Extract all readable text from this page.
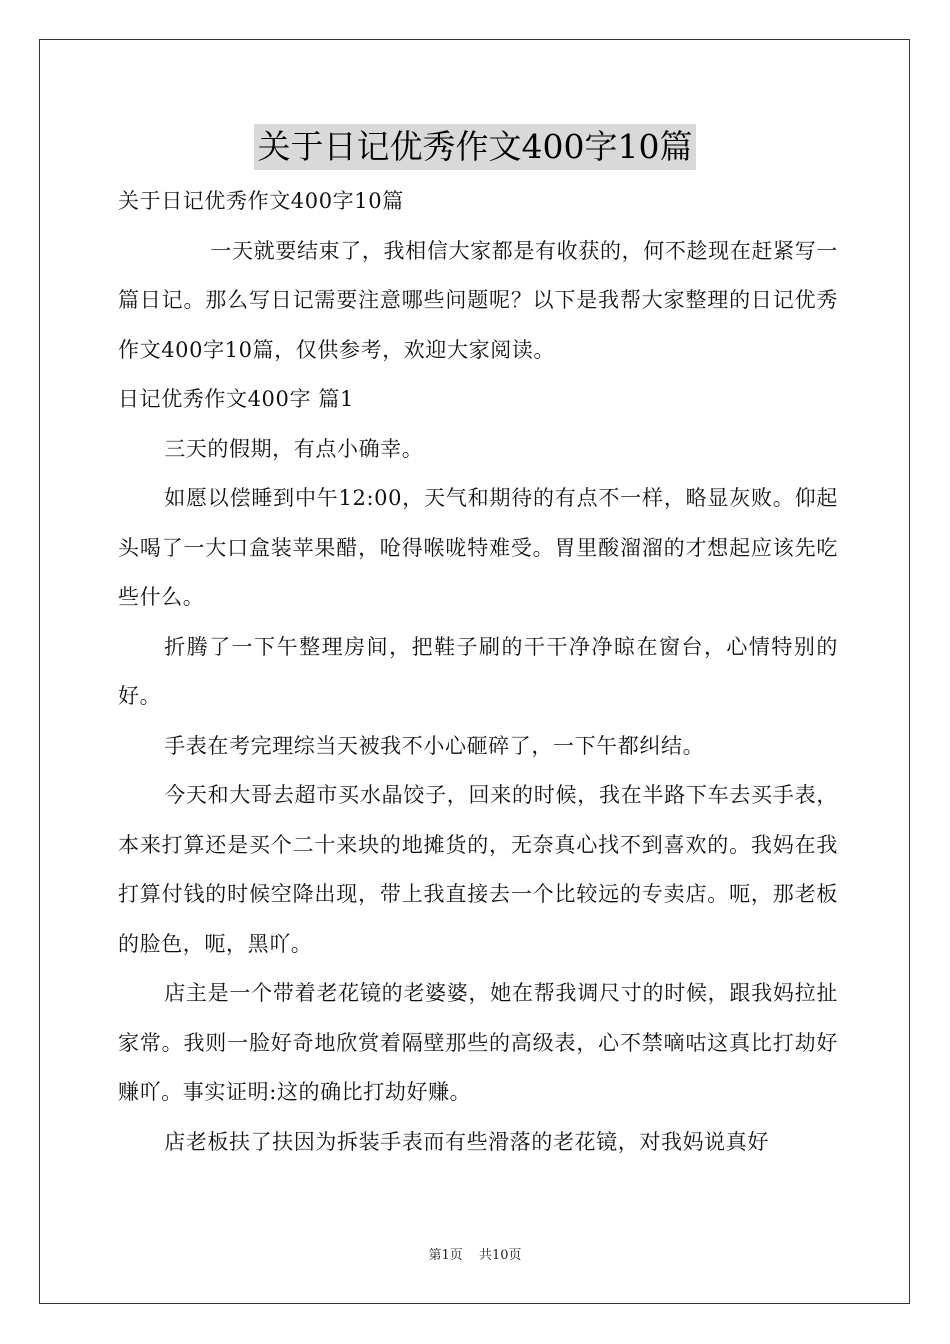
关于日记优秀作文400字10篇

关于日记优秀作文400字10篇

一天就要结束了，我相信大家都是有收获的，何不趁现在赶紧写一篇日记。那么写日记需要注意哪些问题呢？以下是我帮大家整理的日记优秀作文400字10篇，仅供参考，欢迎大家阅读。

日记优秀作文400字 篇1

三天的假期，有点小确幸。

如愿以偿睡到中午12:00，天气和期待的有点不一样，略显灰败。仰起头喝了一大口盒装苹果醋，呛得喉咙特难受。胃里酸溜溜的才想起应该先吃些什么。

折腾了一下午整理房间，把鞋子刷的干干净净晾在窗台，心情特别的好。

手表在考完理综当天被我不小心砸碎了，一下午都纠结。

今天和大哥去超市买水晶饺子，回来的时候，我在半路下车去买手表，本来打算还是买个二十来块的地摊货的，无奈真心找不到喜欢的。我妈在我打算付钱的时候空降出现，带上我直接去一个比较远的专卖店。呃，那老板的脸色，呃，黑吖。

店主是一个带着老花镜的老婆婆，她在帮我调尺寸的时候，跟我妈拉扯家常。我则一脸好奇地欣赏着隔壁那些的高级表，心不禁嘀咕这真比打劫好赚吖。事实证明:这的确比打劫好赚。

店老板扶了扶因为拆装手表而有些滑落的老花镜，对我妈说真好

第1页 共10页
